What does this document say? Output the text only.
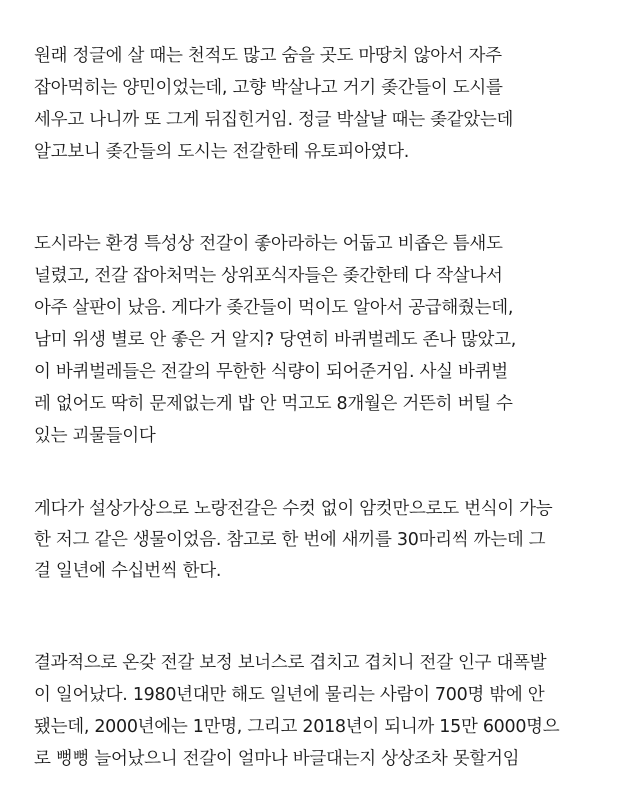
원래 정글에 살 때는 천적도 많고 숨을 곳도 마땅치 않아서 자주
잡아먹히는 양민이었는데, 고향 박살나고 거기 좆간들이 도시를
세우고 나니까 또 그게 뒤집힌거임. 정글 박살날 때는 좆같았는데
알고보니 좆간들의 도시는 전갈한테 유토피아였다.

도시라는 환경 특성상 전갈이 좋아라하는 어둡고 비좁은 틈새도
널렸고, 전갈 잡아처먹는 상위포식자들은 좆간한테 다 작살나서
아주 살판이 났음. 게다가 좆간들이 먹이도 알아서 공급해줬는데,
남미 위생 별로 안 좋은 거 알지? 당연히 바퀴벌레도 존나 많았고,
이 바퀴벌레들은 전갈의 무한한 식량이 되어준거임. 사실 바퀴벌
레 없어도 딱히 문제없는게 밥 안 먹고도 8개월은 거뜬히 버틸 수
있는 괴물들이다

게다가 설상가상으로 노랑전갈은 수컷 없이 암컷만으로도 번식이 가능
한 저그 같은 생물이었음. 참고로 한 번에 새끼를 30마리씩 까는데 그
걸 일년에 수십번씩 한다.

결과적으로 온갖 전갈 보정 보너스로 겹치고 겹치니 전갈 인구 대폭발
이 일어났다. 1980년대만 해도 일년에 물리는 사람이 700명 밖에 안
됐는데, 2000년에는 1만명, 그리고 2018년이 되니까 15만 6000명으
로 뻥뻥 늘어났으니 전갈이 얼마나 바글대는지 상상조차 못할거임
